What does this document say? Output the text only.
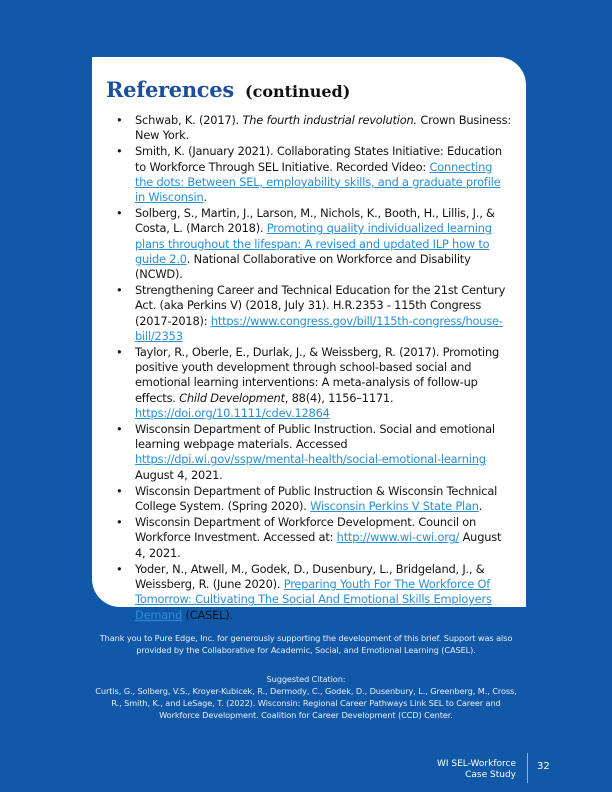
References (continued)
• Schwab, K. (2017). The fourth industrial revolution. Crown Business: New York.
• Smith, K. (January 2021). Collaborating States Initiative: Education to Workforce Through SEL Initiative. Recorded Video: Connecting the dots: Between SEL, employability skills, and a graduate profile in Wisconsin.
• Solberg, S., Martin, J., Larson, M., Nichols, K., Booth, H., Lillis, J., & Costa, L. (March 2018). Promoting quality individualized learning plans throughout the lifespan: A revised and updated ILP how to guide 2.0. National Collaborative on Workforce and Disability (NCWD).
• Strengthening Career and Technical Education for the 21st Century Act. (aka Perkins V) (2018, July 31). H.R.2353 - 115th Congress (2017-2018): https://www.congress.gov/bill/115th-congress/house-bill/2353
• Taylor, R., Oberle, E., Durlak, J., & Weissberg, R. (2017). Promoting positive youth development through school-based social and emotional learning interventions: A meta-analysis of follow-up effects. Child Development, 88(4), 1156–1171. https://doi.org/10.1111/cdev.12864
• Wisconsin Department of Public Instruction. Social and emotional learning webpage materials. Accessed https://dpi.wi.gov/sspw/mental-health/social-emotional-learning August 4, 2021.
• Wisconsin Department of Public Instruction & Wisconsin Technical College System. (Spring 2020). Wisconsin Perkins V State Plan.
• Wisconsin Department of Workforce Development. Council on Workforce Investment. Accessed at: http://www.wi-cwi.org/ August 4, 2021.
• Yoder, N., Atwell, M., Godek, D., Dusenbury, L., Bridgeland, J., & Weissberg, R. (June 2020). Preparing Youth For The Workforce Of Tomorrow: Cultivating The Social And Emotional Skills Employers Demand (CASEL).
Thank you to Pure Edge, Inc. for generously supporting the development of this brief. Support was also provided by the Collaborative for Academic, Social, and Emotional Learning (CASEL).
Suggested Citation:
Curtis, G., Solberg, V.S., Kroyer-Kubicek, R., Dermody, C., Godek, D., Dusenbury, L., Greenberg, M., Cross, R., Smith, K., and LeSage, T. (2022). Wisconsin: Regional Career Pathways Link SEL to Career and Workforce Development. Coalition for Career Development (CCD) Center.
WI SEL-Workforce
Case Study
32
